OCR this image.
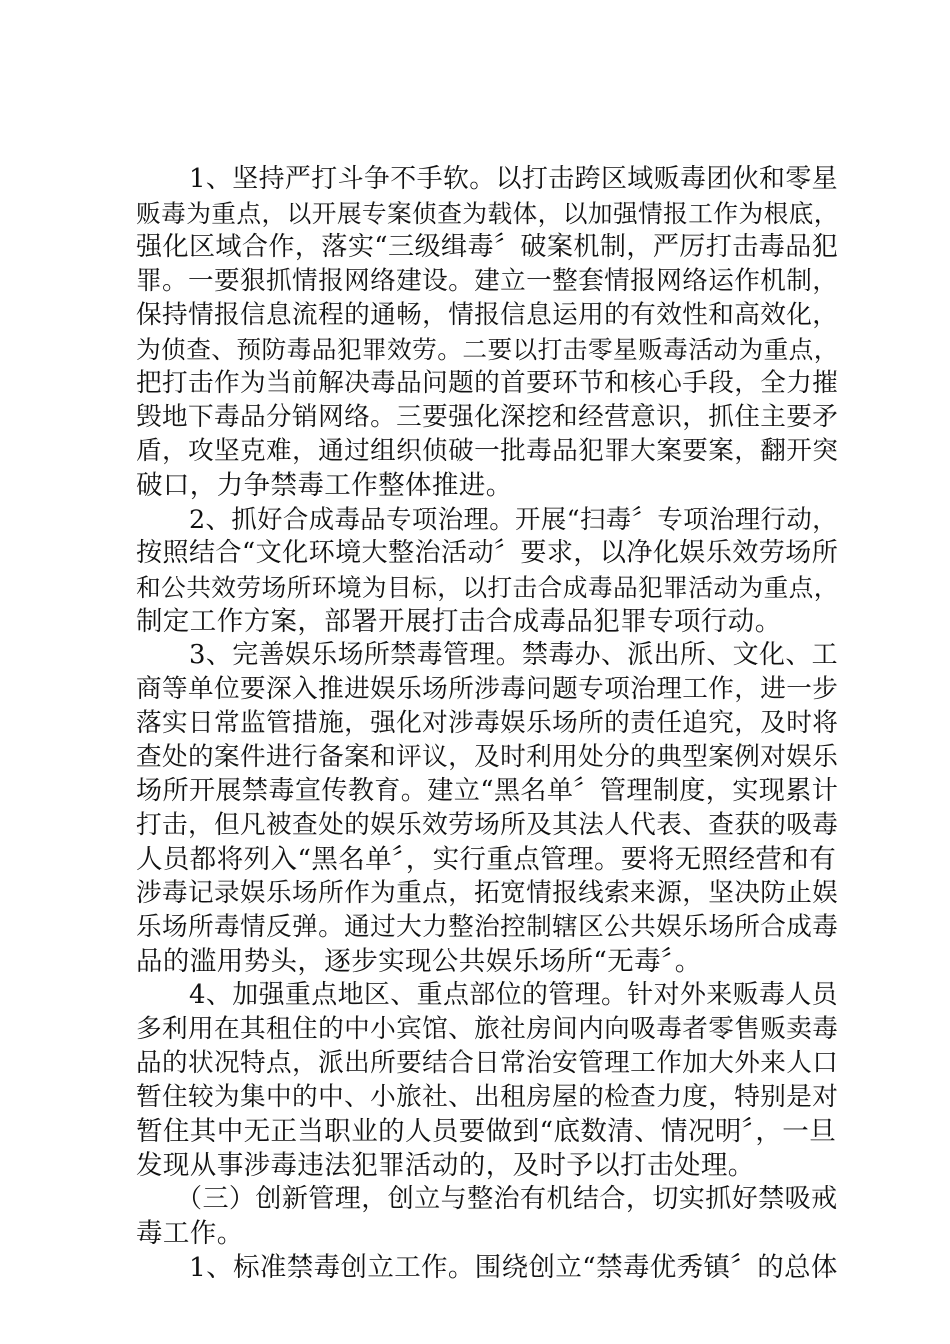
1、坚持严打斗争不手软。以打击跨区域贩毒团伙和零星
贩毒为重点，以开展专案侦查为载体，以加强情报工作为根底，
强化区域合作，落实“三级缉毒〞破案机制，严厉打击毒品犯
罪。一要狠抓情报网络建设。建立一整套情报网络运作机制，
保持情报信息流程的通畅，情报信息运用的有效性和高效化，
为侦查、预防毒品犯罪效劳。二要以打击零星贩毒活动为重点，
把打击作为当前解决毒品问题的首要环节和核心手段，全力摧
毁地下毒品分销网络。三要强化深挖和经营意识，抓住主要矛
盾，攻坚克难，通过组织侦破一批毒品犯罪大案要案，翻开突
破口，力争禁毒工作整体推进。
2、抓好合成毒品专项治理。开展“扫毒〞专项治理行动，
按照结合“文化环境大整治活动〞要求，以净化娱乐效劳场所
和公共效劳场所环境为目标，以打击合成毒品犯罪活动为重点，
制定工作方案，部署开展打击合成毒品犯罪专项行动。
3、完善娱乐场所禁毒管理。禁毒办、派出所、文化、工
商等单位要深入推进娱乐场所涉毒问题专项治理工作，进一步
落实日常监管措施，强化对涉毒娱乐场所的责任追究，及时将
查处的案件进行备案和评议，及时利用处分的典型案例对娱乐
场所开展禁毒宣传教育。建立“黑名单〞管理制度，实现累计
打击，但凡被查处的娱乐效劳场所及其法人代表、查获的吸毒
人员都将列入“黑名单〞，实行重点管理。要将无照经营和有
涉毒记录娱乐场所作为重点，拓宽情报线索来源，坚决防止娱
乐场所毒情反弹。通过大力整治控制辖区公共娱乐场所合成毒
品的滥用势头，逐步实现公共娱乐场所“无毒〞。
4、加强重点地区、重点部位的管理。针对外来贩毒人员
多利用在其租住的中小宾馆、旅社房间内向吸毒者零售贩卖毒
品的状况特点，派出所要结合日常治安管理工作加大外来人口
暂住较为集中的中、小旅社、出租房屋的检查力度，特别是对
暂住其中无正当职业的人员要做到“底数清、情况明〞，一旦
发现从事涉毒违法犯罪活动的，及时予以打击处理。
（三）创新管理，创立与整治有机结合，切实抓好禁吸戒
毒工作。
1、标准禁毒创立工作。围绕创立“禁毒优秀镇〞的总体
